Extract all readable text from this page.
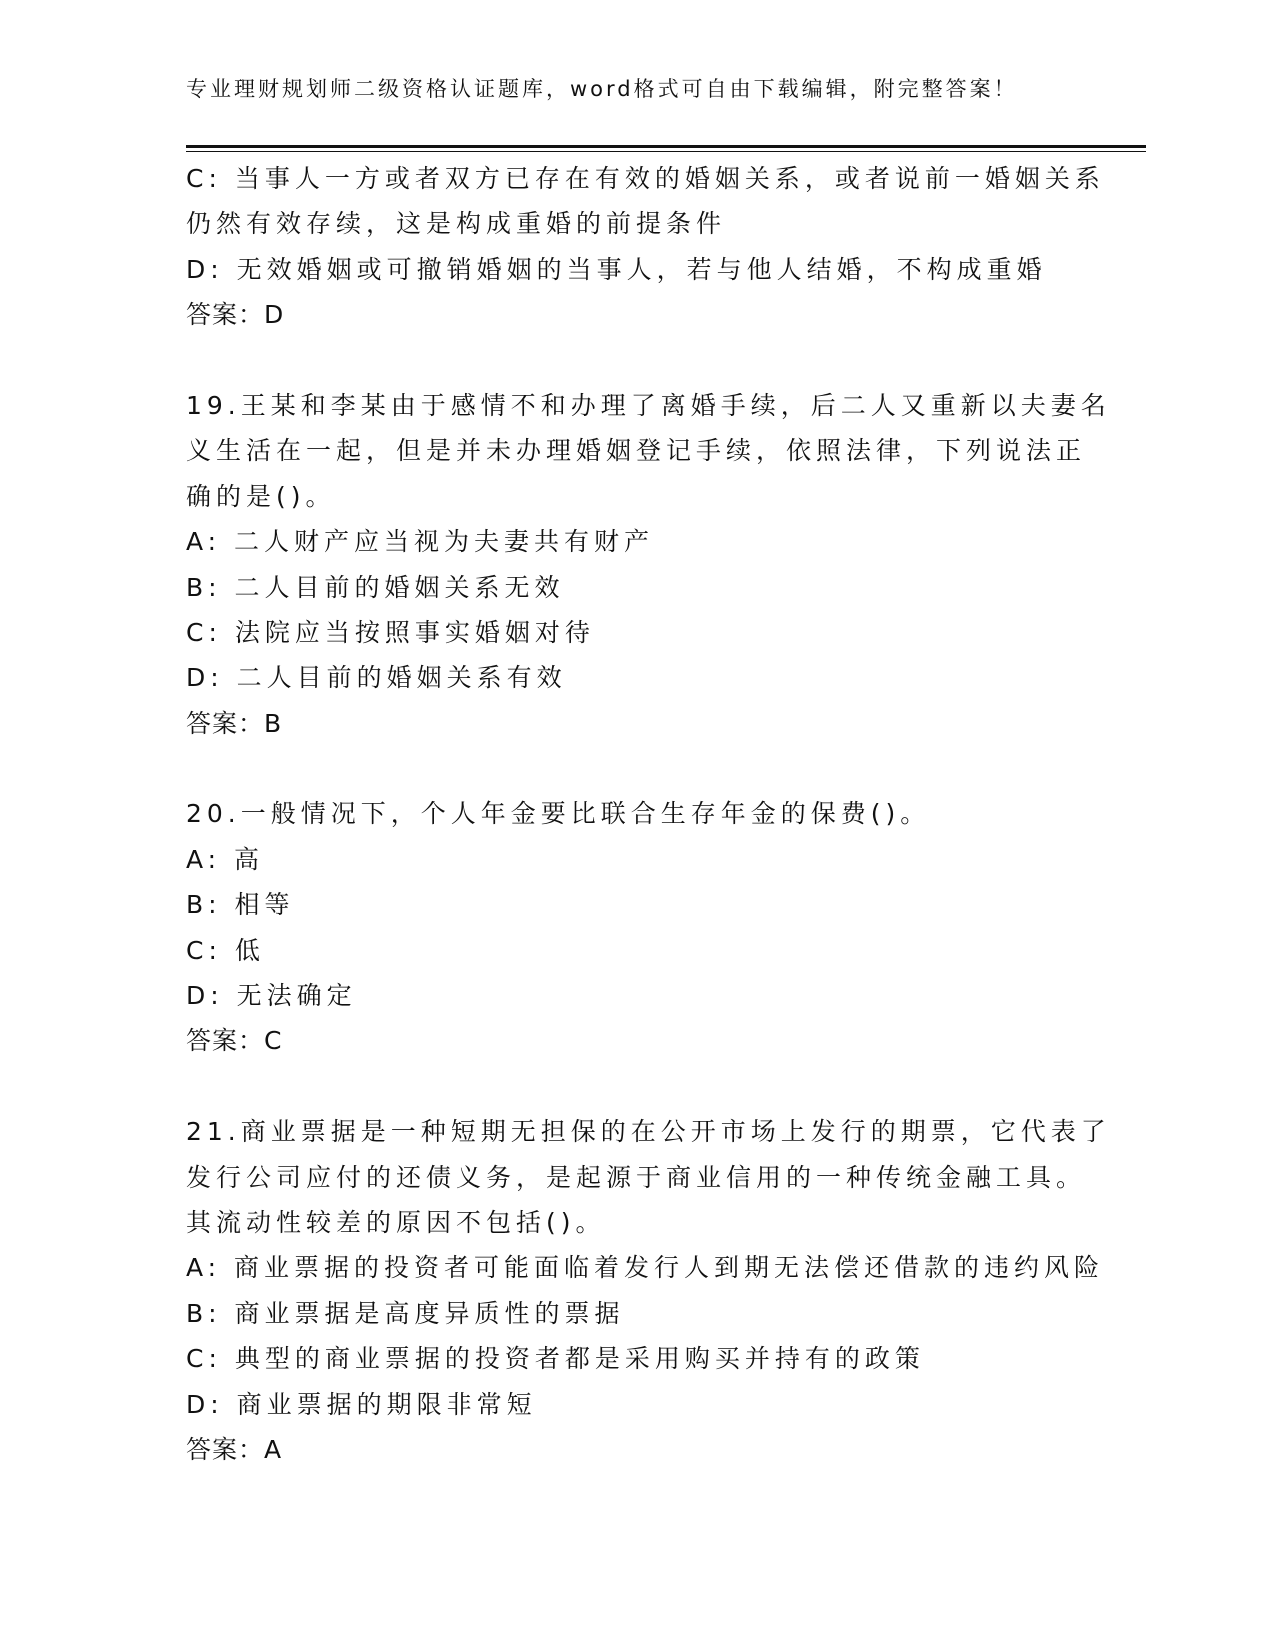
专业理财规划师二级资格认证题库，word格式可自由下载编辑，附完整答案！
C: 当事人一方或者双方已存在有效的婚姻关系，或者说前一婚姻关系
仍然有效存续，这是构成重婚的前提条件
D: 无效婚姻或可撤销婚姻的当事人，若与他人结婚，不构成重婚
答案：D
19.王某和李某由于感情不和办理了离婚手续，后二人又重新以夫妻名
义生活在一起，但是并未办理婚姻登记手续，依照法律，下列说法正
确的是()。
A: 二人财产应当视为夫妻共有财产
B: 二人目前的婚姻关系无效
C: 法院应当按照事实婚姻对待
D: 二人目前的婚姻关系有效
答案：B
20.一般情况下，个人年金要比联合生存年金的保费()。
A: 高
B: 相等
C: 低
D: 无法确定
答案：C
21.商业票据是一种短期无担保的在公开市场上发行的期票，它代表了
发行公司应付的还债义务，是起源于商业信用的一种传统金融工具。
其流动性较差的原因不包括()。
A: 商业票据的投资者可能面临着发行人到期无法偿还借款的违约风险
B: 商业票据是高度异质性的票据
C: 典型的商业票据的投资者都是采用购买并持有的政策
D: 商业票据的期限非常短
答案：A
